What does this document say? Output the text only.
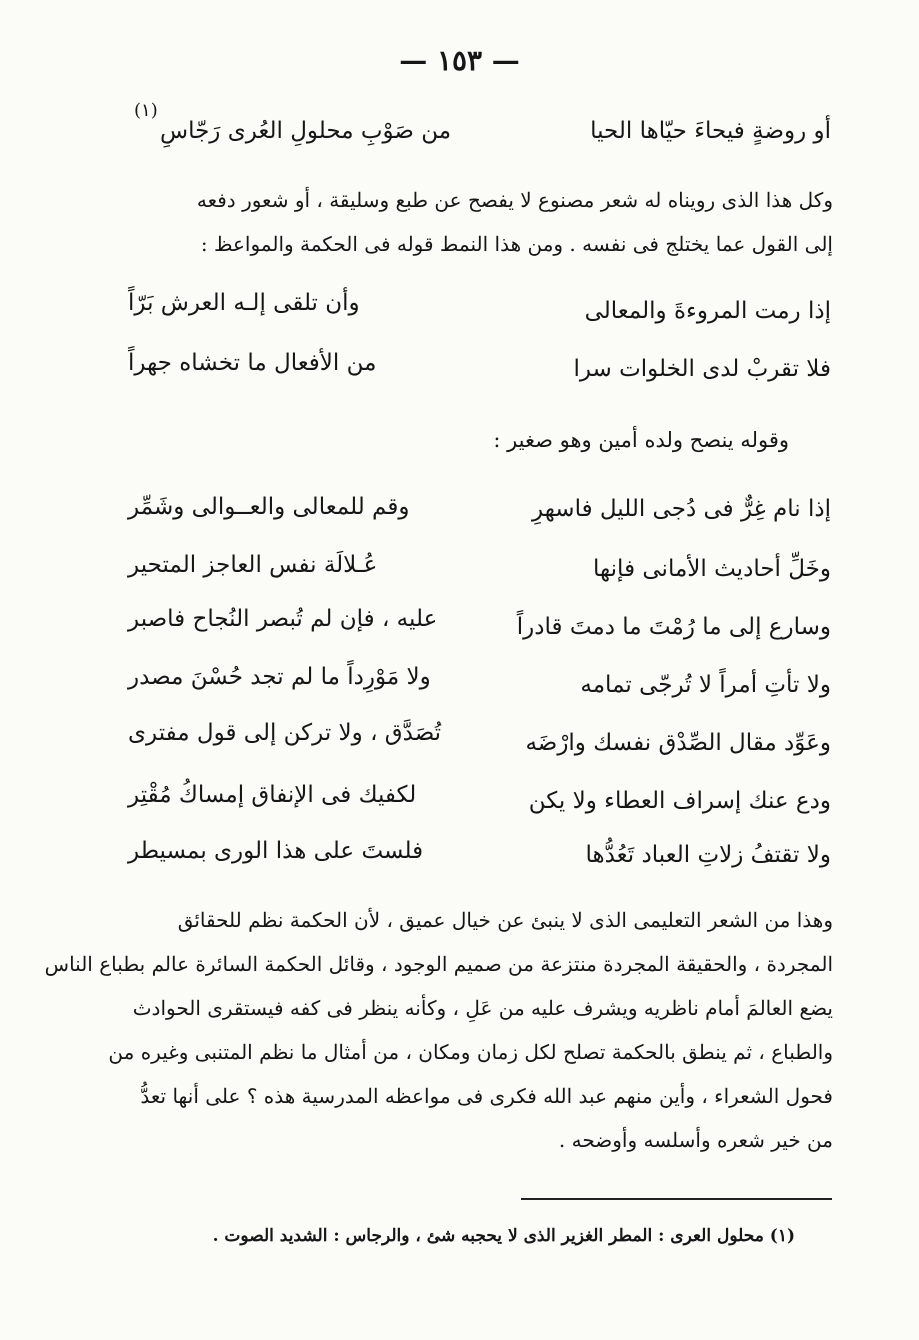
— ١٥٣ —
أو روضةٍ فيحاءَ حيّاها الحيا
من صَوْبِ محلولِ العُرى رَجّاسِ
(١)
وكل هذا الذى رويناه له شعر مصنوع لا يفصح عن طبع وسليقة ، أو شعور دفعه
إلى القول عما يختلج فى نفسه . ومن هذا النمط قوله فى الحكمة والمواعظ :
إذا رمت المروءةَ والمعالى
وأن تلقى إلـه العرش بَرّاً
فلا تقربْ لدى الخلوات سرا
من الأفعال ما تخشاه جهراً
وقوله ينصح ولده أمين وهو صغير :
إذا نام غِرٌّ فى دُجى الليل فاسهرِ
وقم للمعالى والعــوالى وشَمِّر
وخَلِّ أحاديث الأمانى فإنها
عُـلالَة نفس العاجز المتحير
وسارع إلى ما رُمْتَ ما دمتَ قادراً
عليه ، فإن لم تُبصر النُجاح فاصبر
ولا تأتِ أمراً لا تُرجّى تمامه
ولا مَوْرِداً ما لم تجد حُسْنَ مصدر
وعَوِّد مقال الصِّدْق نفسك وارْضَه
تُصَدَّق ، ولا تركن إلى قول مفترى
ودع عنك إسراف العطاء ولا يكن
لكفيك فى الإنفاق إمساكُ مُقْتِر
ولا تقتفُ زلاتِ العباد تَعُدُّها
فلستَ على هذا الورى بمسيطر
وهذا من الشعر التعليمى الذى لا ينبئ عن خيال عميق ، لأن الحكمة نظم للحقائق
المجردة ، والحقيقة المجردة منتزعة من صميم الوجود ، وقائل الحكمة السائرة عالم بطباع الناس
يضع العالمَ أمام ناظريه ويشرف عليه من عَلِ ، وكأنه ينظر فى كفه فيستقرى الحوادث
والطباع ، ثم ينطق بالحكمة تصلح لكل زمان ومكان ، من أمثال ما نظم المتنبى وغيره من
فحول الشعراء ، وأين منهم عبد الله فكرى فى مواعظه المدرسية هذه ؟ على أنها تعدُّ
من خير شعره وأسلسه وأوضحه .
(١) محلول العرى : المطر الغزير الذى لا يحجبه شئ ، والرجاس : الشديد الصوت .
